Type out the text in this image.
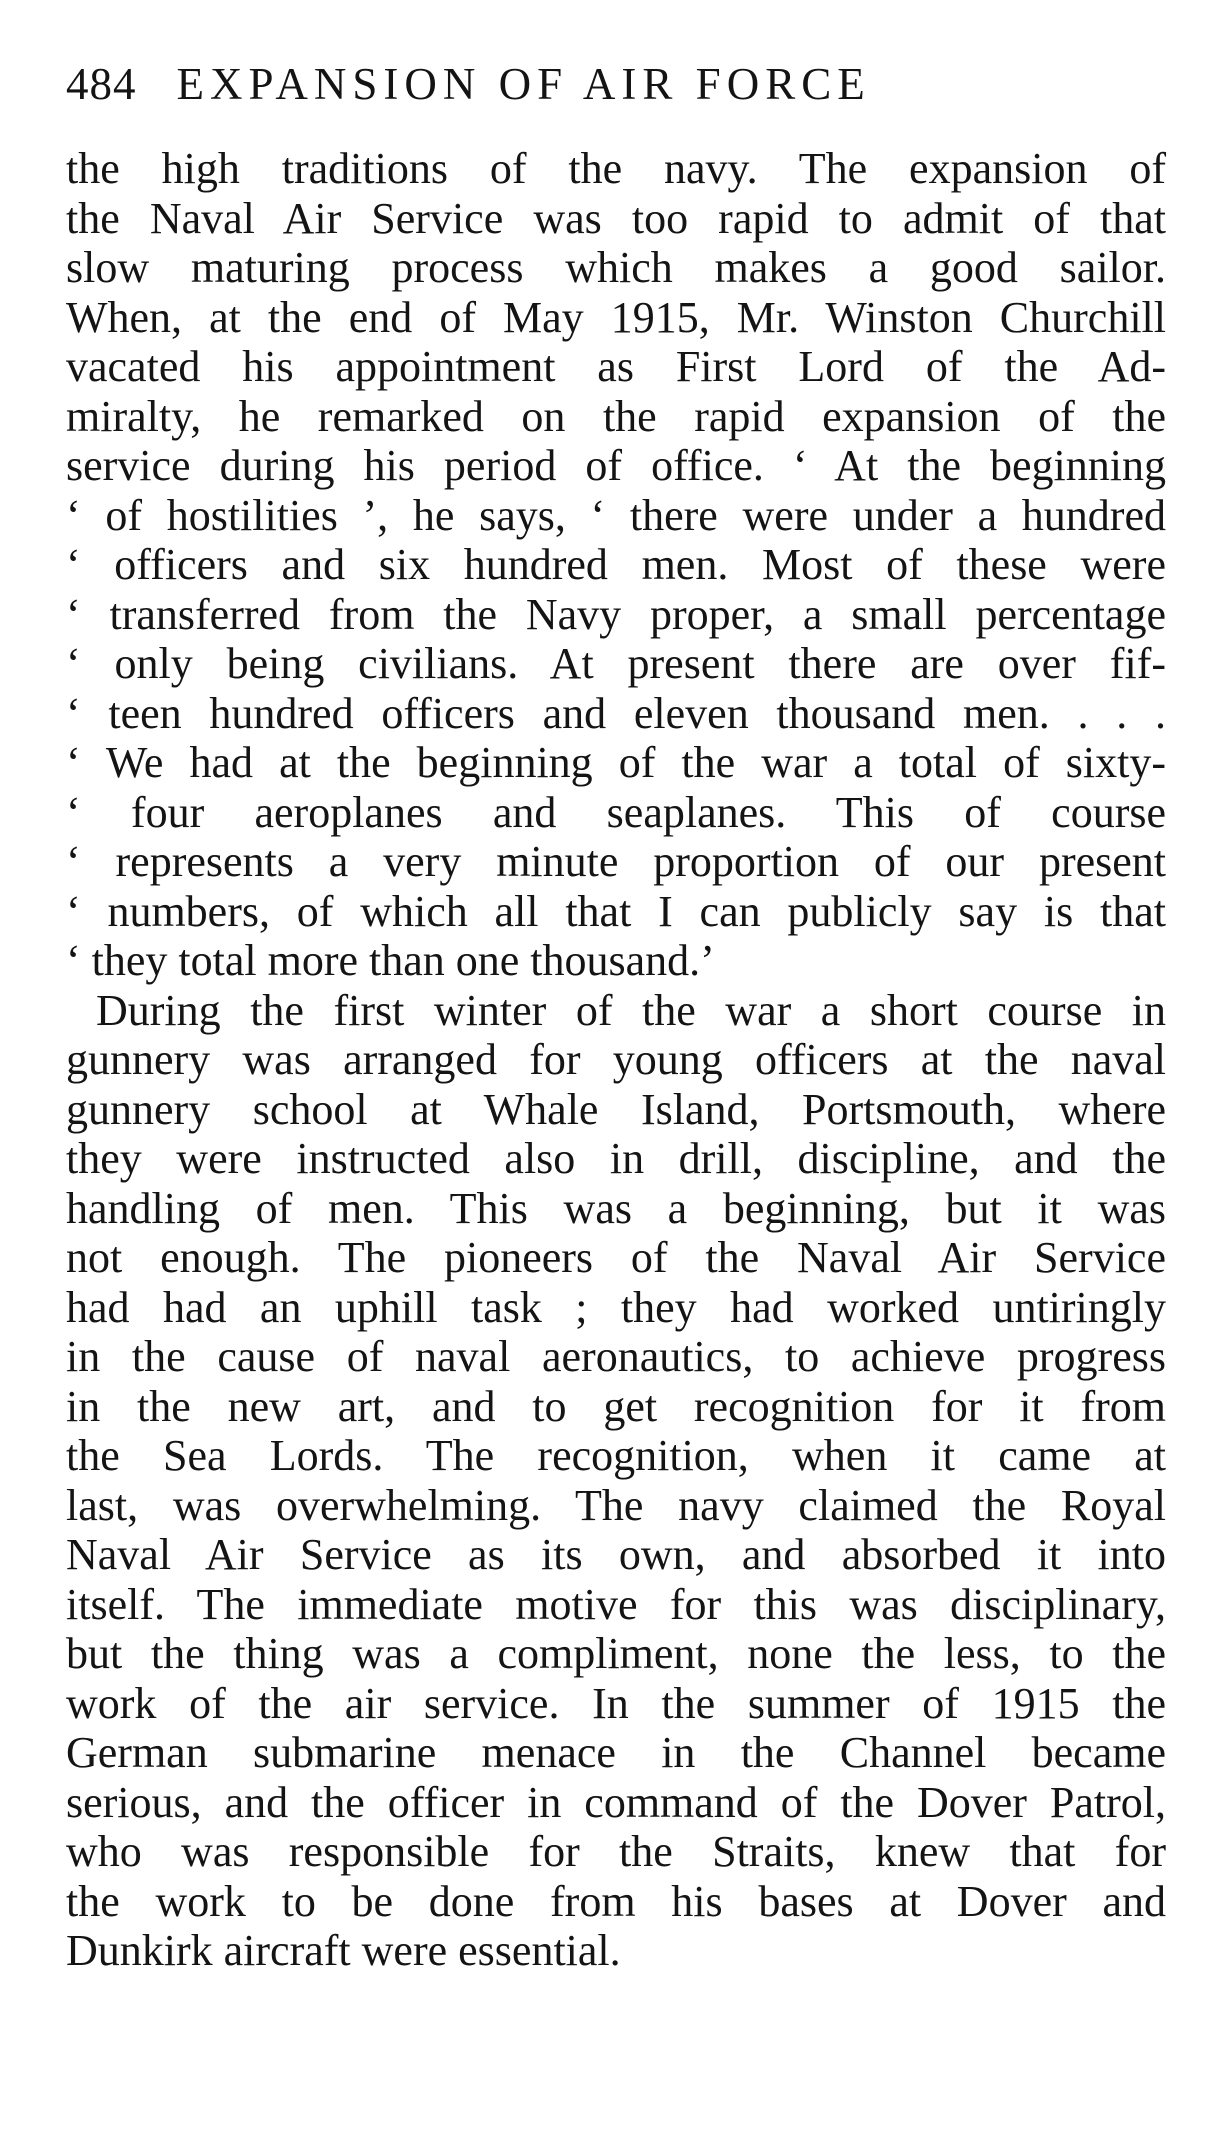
484 EXPANSION OF AIR FORCE
the high traditions of the navy. The expansion of
the Naval Air Service was too rapid to admit of that
slow maturing process which makes a good sailor.
When, at the end of May 1915, Mr. Winston Churchill
vacated his appointment as First Lord of the Ad-
miralty, he remarked on the rapid expansion of the
service during his period of office. ‘ At the beginning
‘ of hostilities ’, he says, ‘ there were under a hundred
‘ officers and six hundred men. Most of these were
‘ transferred from the Navy proper, a small percentage
‘ only being civilians. At present there are over fif-
‘ teen hundred officers and eleven thousand men. . . .
‘ We had at the beginning of the war a total of sixty-
‘ four aeroplanes and seaplanes. This of course
‘ represents a very minute proportion of our present
‘ numbers, of which all that I can publicly say is that
‘ they total more than one thousand.’
During the first winter of the war a short course in
gunnery was arranged for young officers at the naval
gunnery school at Whale Island, Portsmouth, where
they were instructed also in drill, discipline, and the
handling of men. This was a beginning, but it was
not enough. The pioneers of the Naval Air Service
had had an uphill task ; they had worked untiringly
in the cause of naval aeronautics, to achieve progress
in the new art, and to get recognition for it from
the Sea Lords. The recognition, when it came at
last, was overwhelming. The navy claimed the Royal
Naval Air Service as its own, and absorbed it into
itself. The immediate motive for this was disciplinary,
but the thing was a compliment, none the less, to the
work of the air service. In the summer of 1915 the
German submarine menace in the Channel became
serious, and the officer in command of the Dover Patrol,
who was responsible for the Straits, knew that for
the work to be done from his bases at Dover and
Dunkirk aircraft were essential.
